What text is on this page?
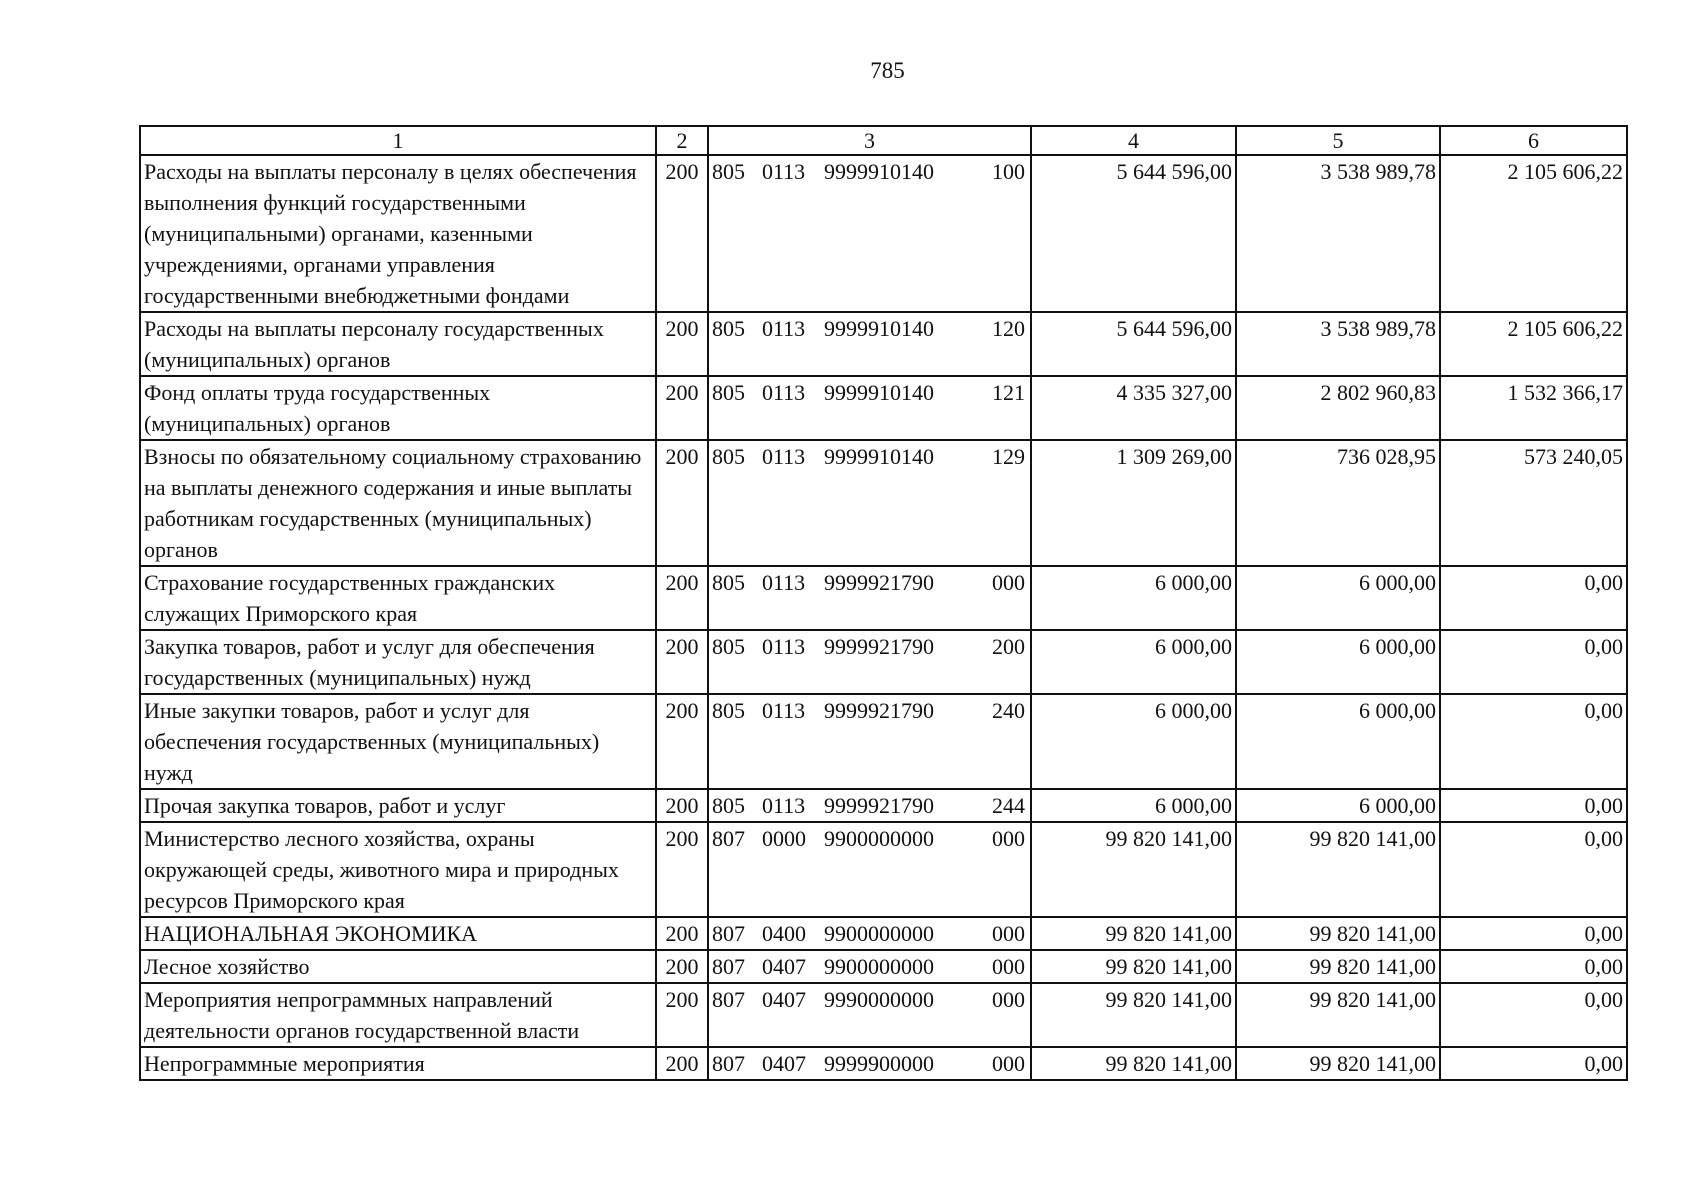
785
1	2	3	4	5	6
Расходы на выплаты персоналу в целях обеспечения выполнения функций государственными (муниципальными) органами, казенными учреждениями, органами управления государственными внебюджетными фондами	200	805 0113 9999910140 100	5 644 596,00	3 538 989,78	2 105 606,22
Расходы на выплаты персоналу государственных (муниципальных) органов	200	805 0113 9999910140 120	5 644 596,00	3 538 989,78	2 105 606,22
Фонд оплаты труда государственных (муниципальных) органов	200	805 0113 9999910140 121	4 335 327,00	2 802 960,83	1 532 366,17
Взносы по обязательному социальному страхованию на выплаты денежного содержания и иные выплаты работникам государственных (муниципальных) органов	200	805 0113 9999910140 129	1 309 269,00	736 028,95	573 240,05
Страхование государственных гражданских служащих Приморского края	200	805 0113 9999921790 000	6 000,00	6 000,00	0,00
Закупка товаров, работ и услуг для обеспечения государственных (муниципальных) нужд	200	805 0113 9999921790 200	6 000,00	6 000,00	0,00
Иные закупки товаров, работ и услуг для обеспечения государственных (муниципальных) нужд	200	805 0113 9999921790 240	6 000,00	6 000,00	0,00
Прочая закупка товаров, работ и услуг	200	805 0113 9999921790 244	6 000,00	6 000,00	0,00
Министерство лесного хозяйства, охраны окружающей среды, животного мира и природных ресурсов Приморского края	200	807 0000 9900000000 000	99 820 141,00	99 820 141,00	0,00
НАЦИОНАЛЬНАЯ ЭКОНОМИКА	200	807 0400 9900000000 000	99 820 141,00	99 820 141,00	0,00
Лесное хозяйство	200	807 0407 9900000000 000	99 820 141,00	99 820 141,00	0,00
Мероприятия непрограммных направлений деятельности органов государственной власти	200	807 0407 9990000000 000	99 820 141,00	99 820 141,00	0,00
Непрограммные мероприятия	200	807 0407 9999900000 000	99 820 141,00	99 820 141,00	0,00
